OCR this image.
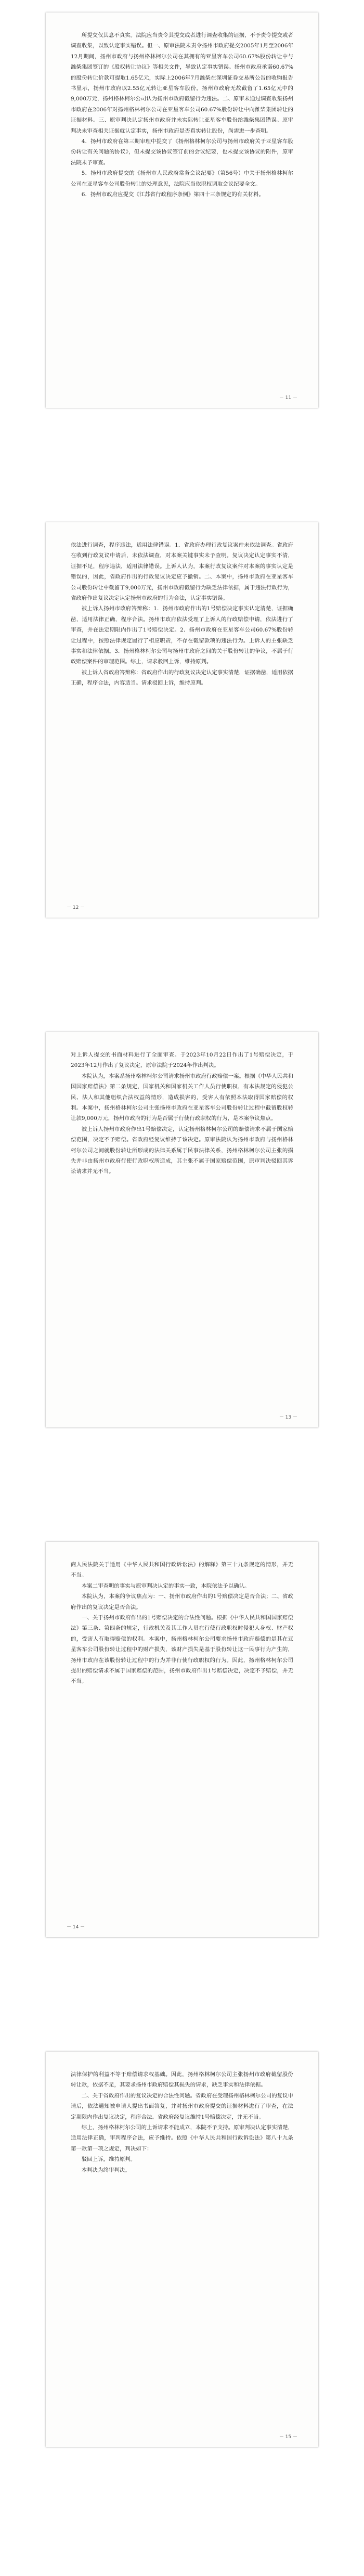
所提交仅其息不真实。法院应当责令其提交或者进行调查收集的证据，不予责令提交或者调查收集，以致认定事实错误。但一、原审法院未责令扬州市政府提交2005年1月至2006年12月期间，扬州市政府与扬州格林柯尔公司在其拥有的亚星客车公司60.67%股份转让中与潍柴集团签订的《股权转让协议》等相关文件，导致认定事实错误。扬州市政府承诺60.67%的股份转让价款可提取1.65亿元，实际上2006年7月潍柴在深圳证券交易所公告的收购报告书显示，扬州市政府以2.55亿元转让亚星客车股份，扬州市政府无故截留了1.65亿元中的9,000万元，扬州格林柯尔公司认为扬州市政府截留行为违法。二、原审未通过调查收集扬州市政府在2006年对扬州格林柯尔公司在亚星客车公司60.67%股份转让中向潍柴集团转让的证据材料。三、原审判决认定扬州市政府并未实际转让亚星客车股份给潍柴集团错误。原审判决未审查相关证据就认定事实，扬州市政府是否真实转让股份，尚需进一步查明。

4．扬州市政府在第三期审理中提交了《扬州格林柯尔公司与扬州市政府关于亚星客车股份转让有关问题的协议》，但未提交该协议签订前的会议纪要，也未提交该协议的附件，原审法院未予审查。

5．扬州市政府提交的《扬州市人民政府常务会议纪要》（第56号）中关于扬州格林柯尔公司在亚星客车公司股份转让的处理意见，法院应当依职权调取会议纪要全文。

6．扬州市政府应提交《江苏省行政程序条例》第四十三条规定的有关材料。

－ 11 －

依法进行调查，程序违法，适用法律错误。1．省政府办理行政复议案件未依法调查。省政府在收到行政复议申请后，未依法调查，对本案关键事实未予查明。复议决定认定事实不清，证据不足，程序违法，适用法律错误。上诉人认为，本案行政复议案件对本案的事实认定是错误的，因此，省政府作出的行政复议决定应予撤销。二、本案中，扬州市政府在亚星客车公司股份转让中截留了9,000万元，扬州市政府截留行为缺乏法律依据，属于违法行政行为，省政府作出复议决定认定扬州市政府的行为合法，认定事实错误。

被上诉人扬州市政府答辩称：1．扬州市政府作出的1号赔偿决定事实认定清楚，证据确凿，适用法律正确，程序合法。扬州市政府依法受理了上诉人的行政赔偿申请，依法进行了审查，并在法定期限内作出了1号赔偿决定。2．扬州市政府在亚星客车公司60.67%股份转让过程中，按照法律规定履行了相应职责，不存在截留款项的违法行为。上诉人的主张缺乏事实和法律依据。3．扬州格林柯尔公司与扬州市政府之间的关于股份转让的争议，不属于行政赔偿案件的审理范围。综上，请求驳回上诉，维持原判。

被上诉人省政府答辩称：省政府作出的行政复议决定认定事实清楚，证据确凿，适用依据正确，程序合法，内容适当。请求驳回上诉，维持原判。

－ 12 －

对上诉人提交的书面材料进行了全面审查。于2023年10月22日作出了1号赔偿决定，于2023年12月作出了复议决定，原审法院于2024年作出判决。

本院认为，本案系扬州格林柯尔公司请求扬州市政府行政赔偿一案。根据《中华人民共和国国家赔偿法》第二条规定，国家机关和国家机关工作人员行使职权，有本法规定的侵犯公民、法人和其他组织合法权益的情形，造成损害的，受害人有依照本法取得国家赔偿的权利。本案中，扬州格林柯尔公司主张扬州市政府在亚星客车公司股份转让过程中截留股权转让款9,000万元，扬州市政府的行为是否属于行使行政职权的行为，是本案争议焦点。

被上诉人扬州市政府作出1号赔偿决定，认定扬州格林柯尔公司的赔偿请求不属于国家赔偿范围，决定不予赔偿。省政府经复议维持了该决定。原审法院认为扬州市政府与扬州格林柯尔公司之间就股份转让所形成的法律关系属于民事法律关系，扬州格林柯尔公司主张的损失并非由扬州市政府行使行政职权所造成，其主张不属于国家赔偿范围，原审判决驳回其诉讼请求并无不当。

－ 13 －

商人民法院关于适用《中华人民共和国行政诉讼法》的解释》第三十九条规定的情形，并无不当。

本案二审查明的事实与原审判决认定的事实一致，本院依法予以确认。

本院认为，本案的争议焦点为：一、扬州市政府作出的1号赔偿决定是否合法；二、省政府作出的复议决定是否合法。

一、关于扬州市政府作出的1号赔偿决定的合法性问题。根据《中华人民共和国国家赔偿法》第三条、第四条的规定，行政机关及其工作人员在行使行政职权时侵犯人身权、财产权的，受害人有取得赔偿的权利。本案中，扬州格林柯尔公司要求扬州市政府赔偿的是其在亚星客车公司股份转让过程中的财产损失，该财产损失是基于股份转让这一民事行为产生的，扬州市政府在该股份转让过程中的行为并非行使行政职权的行为。因此，扬州格林柯尔公司提出的赔偿请求不属于国家赔偿的范围，扬州市政府作出1号赔偿决定，决定不予赔偿，并无不当。

－ 14 －

法律保护的利益不等于赔偿请求权基础。因此，扬州格林柯尔公司主张扬州市政府截留股份转让款，依据不足，其要求扬州市政府赔偿其损失的请求，缺乏事实和法律依据。

二、关于省政府作出的复议决定的合法性问题。省政府在受理扬州格林柯尔公司的复议申请后，依法通知被申请人提出书面答复，并对扬州市政府提交的证据材料进行了审查，在法定期限内作出复议决定，程序合法。省政府经复议维持1号赔偿决定，并无不当。

综上，扬州格林柯尔公司的上诉请求不能成立，本院不予支持。原审判决认定事实清楚，适用法律正确，审判程序合法，应予维持。依照《中华人民共和国行政诉讼法》第八十九条第一款第一项之规定，判决如下：

驳回上诉，维持原判。

本判决为终审判决。

－ 15 －
